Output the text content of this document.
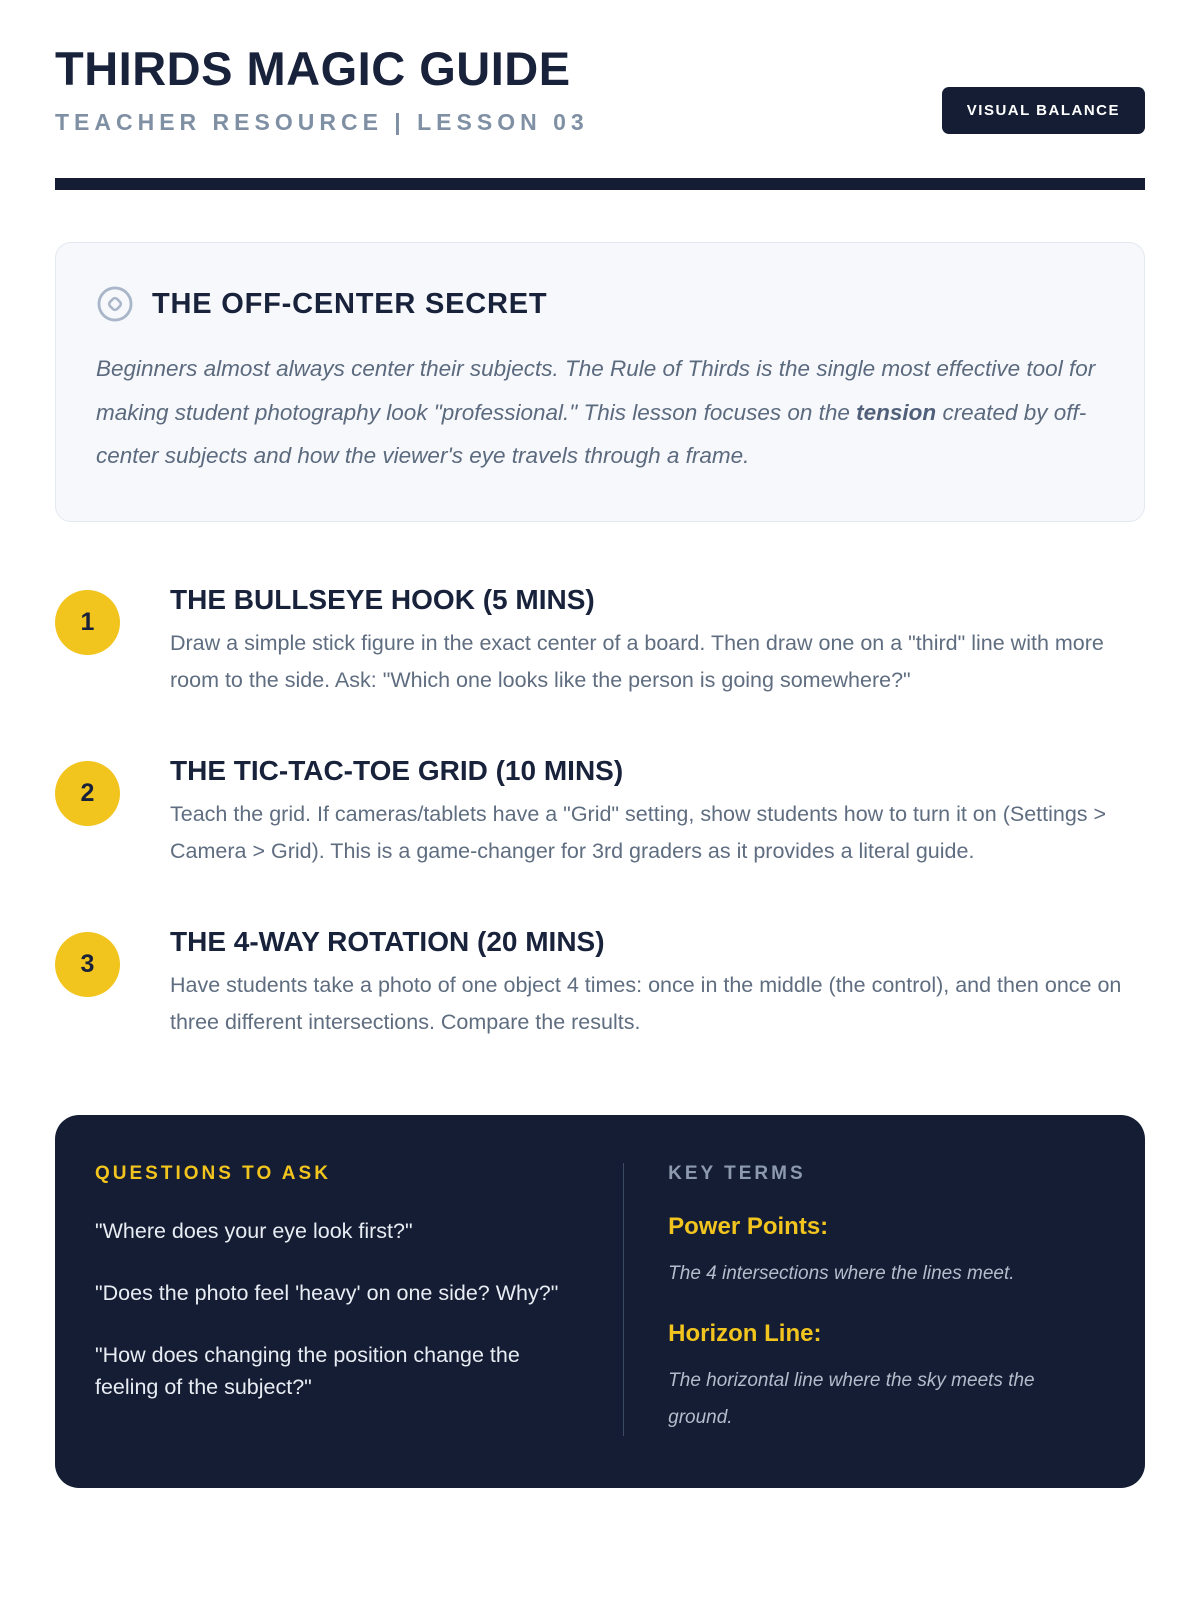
THIRDS MAGIC GUIDE
TEACHER RESOURCE | LESSON 03	VISUAL BALANCE
THE OFF-CENTER SECRET
Beginners almost always center their subjects. The Rule of Thirds is the single most effective tool for making student photography look "professional." This lesson focuses on the tension created by off-center subjects and how the viewer's eye travels through a frame.
1
THE BULLSEYE HOOK (5 MINS)
Draw a simple stick figure in the exact center of a board. Then draw one on a "third" line with more room to the side. Ask: "Which one looks like the person is going somewhere?"
2
THE TIC-TAC-TOE GRID (10 MINS)
Teach the grid. If cameras/tablets have a "Grid" setting, show students how to turn it on (Settings > Camera > Grid). This is a game-changer for 3rd graders as it provides a literal guide.
3
THE 4-WAY ROTATION (20 MINS)
Have students take a photo of one object 4 times: once in the middle (the control), and then once on three different intersections. Compare the results.
QUESTIONS TO ASK
"Where does your eye look first?"
"Does the photo feel 'heavy' on one side? Why?"
"How does changing the position change the feeling of the subject?"
KEY TERMS
Power Points:
The 4 intersections where the lines meet.
Horizon Line:
The horizontal line where the sky meets the ground.
